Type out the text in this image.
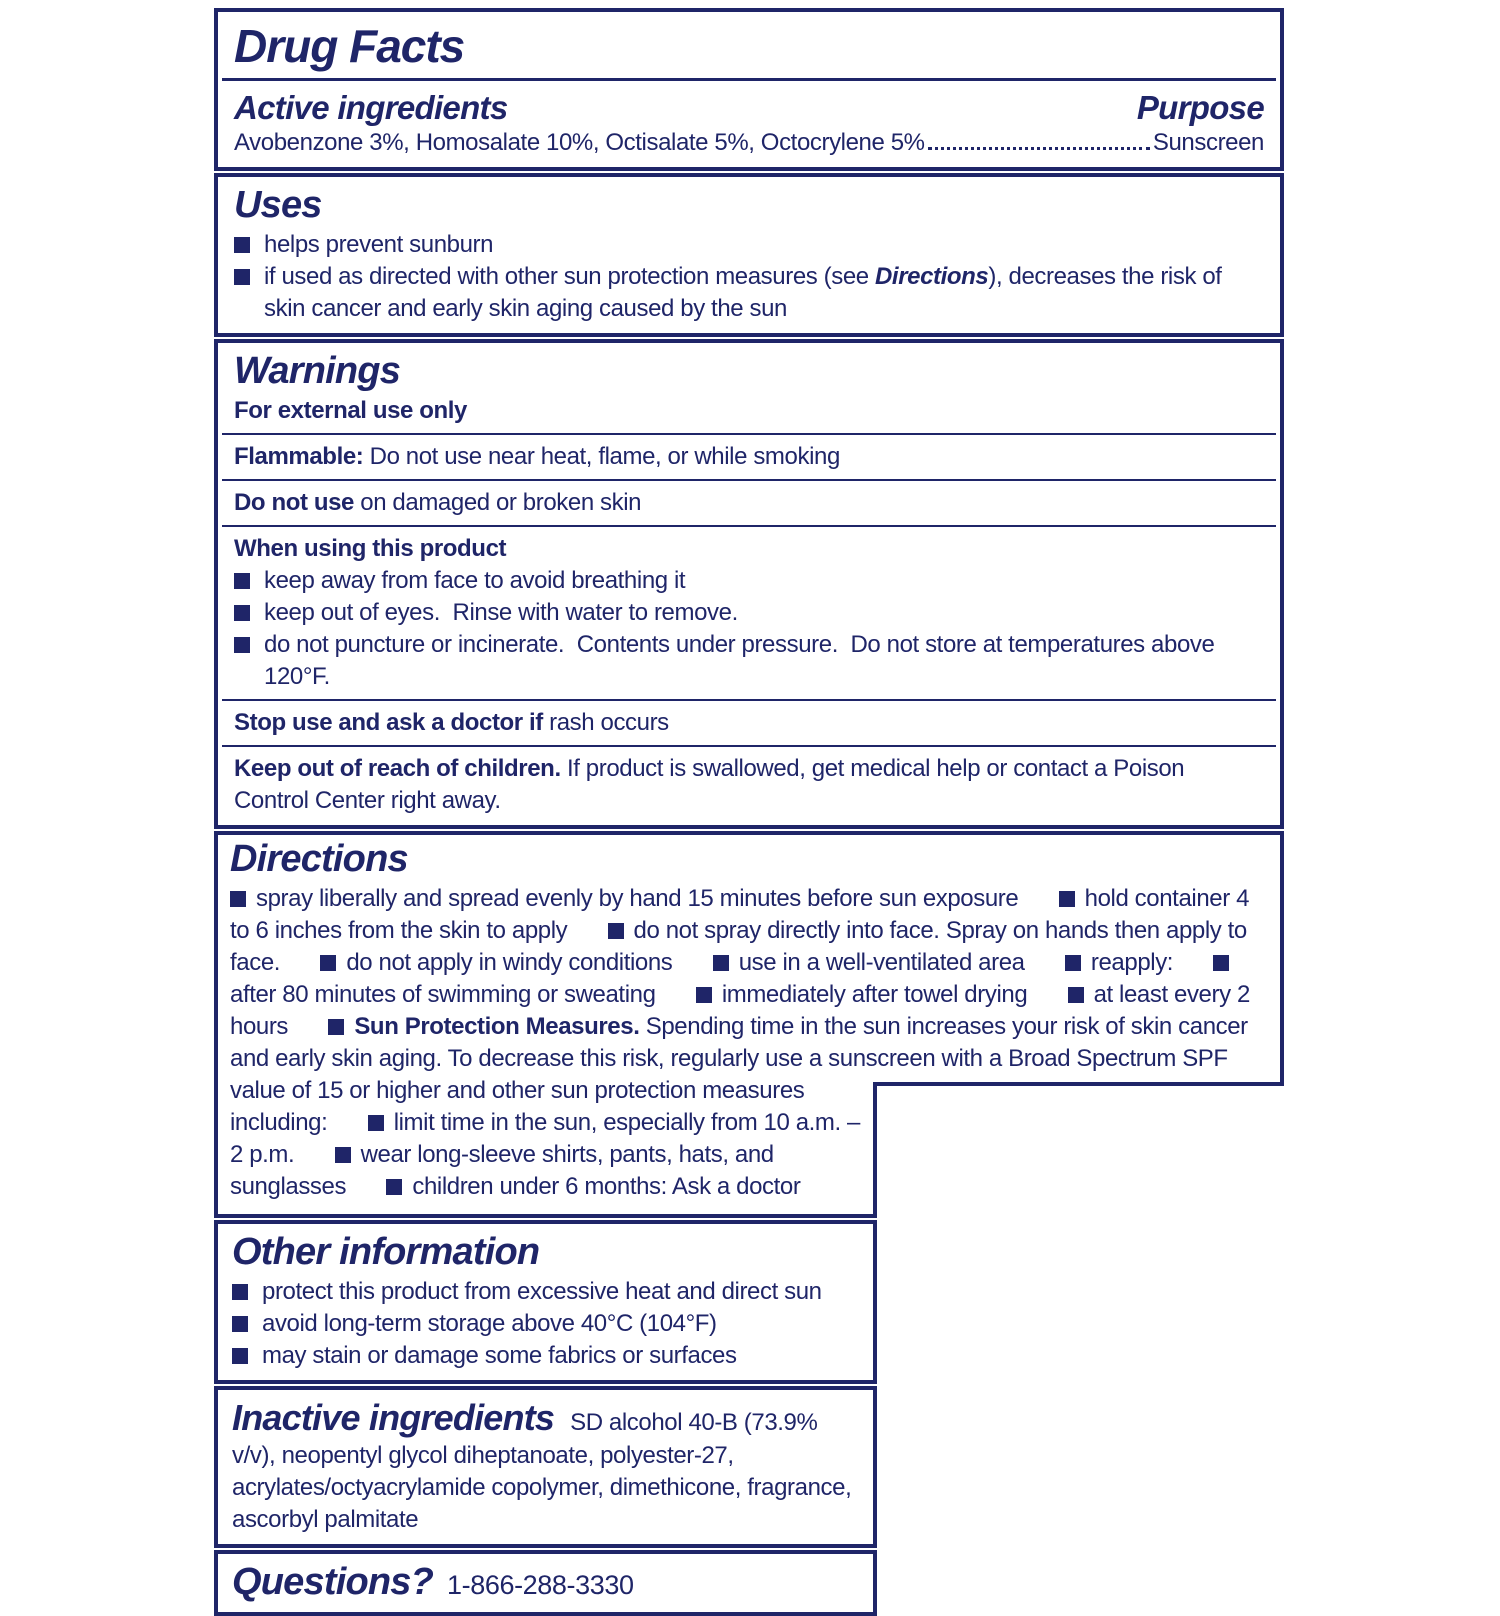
Drug Facts
Active ingredients	Purpose
Avobenzone 3%, Homosalate 10%, Octisalate 5%, Octocrylene 5%	Sunscreen
Uses
helps prevent sunburn
if used as directed with other sun protection measures (see Directions), decreases the risk of skin cancer and early skin aging caused by the sun
Warnings
For external use only
Flammable: Do not use near heat, flame, or while smoking
Do not use on damaged or broken skin
When using this product
keep away from face to avoid breathing it
keep out of eyes.  Rinse with water to remove.
do not puncture or incinerate.  Contents under pressure.  Do not store at temperatures above 120°F.
Stop use and ask a doctor if rash occurs
Keep out of reach of children. If product is swallowed, get medical help or contact a Poison Control Center right away.
Directions
spray liberally and spread evenly by hand 15 minutes before sun exposure	hold container 4 to 6 inches from the skin to apply	do not spray directly into face. Spray on hands then apply to face.	do not apply in windy conditions	use in a well-ventilated area	reapply: after 80 minutes of swimming or sweating	immediately after towel drying	at least every 2 hours	Sun Protection Measures. Spending time in the sun increases your risk of skin cancer and early skin aging. To decrease this risk, regularly use a sunscreen with a Broad Spectrum SPF value of 15 or higher and other sun protection measures including:	limit time in the sun, especially from 10 a.m. – 2 p.m.	wear long-sleeve shirts, pants, hats, and sunglasses	children under 6 months: Ask a doctor
Other information
protect this product from excessive heat and direct sun
avoid long-term storage above 40°C (104°F)
may stain or damage some fabrics or surfaces
Inactive ingredients SD alcohol 40-B (73.9% v/v), neopentyl glycol diheptanoate, polyester-27, acrylates/octyacrylamide copolymer, dimethicone, fragrance, ascorbyl palmitate
Questions? 1-866-288-3330
